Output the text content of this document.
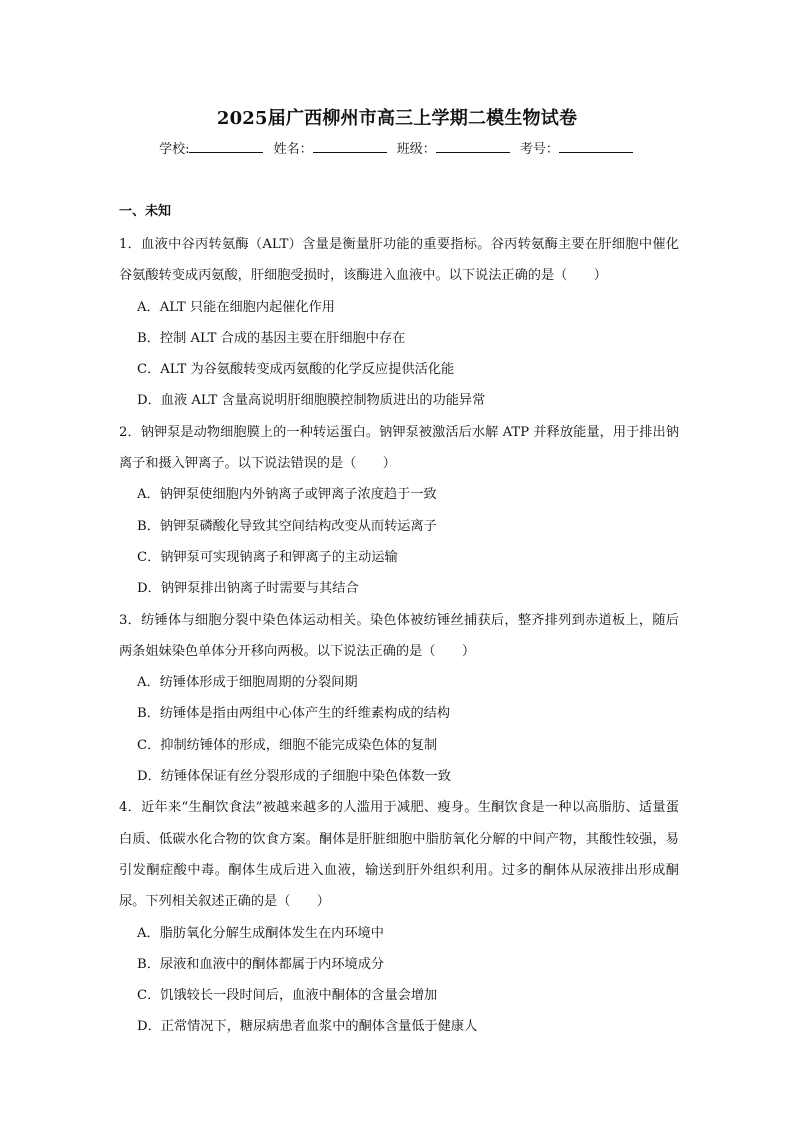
2025届广西柳州市高三上学期二模生物试卷
学校:	姓名：	班级：	考号：
一、未知
1．血液中谷丙转氨酶（ALT）含量是衡量肝功能的重要指标。谷丙转氨酶主要在肝细胞中催化谷氨酸转变成丙氨酸，肝细胞受损时，该酶进入血液中。以下说法正确的是（　　）
A．ALT 只能在细胞内起催化作用
B．控制 ALT 合成的基因主要在肝细胞中存在
C．ALT 为谷氨酸转变成丙氨酸的化学反应提供活化能
D．血液 ALT 含量高说明肝细胞膜控制物质进出的功能异常
2．钠钾泵是动物细胞膜上的一种转运蛋白。钠钾泵被激活后水解 ATP 并释放能量，用于排出钠离子和摄入钾离子。以下说法错误的是（　　）
A．钠钾泵使细胞内外钠离子或钾离子浓度趋于一致
B．钠钾泵磷酸化导致其空间结构改变从而转运离子
C．钠钾泵可实现钠离子和钾离子的主动运输
D．钠钾泵排出钠离子时需要与其结合
3．纺锤体与细胞分裂中染色体运动相关。染色体被纺锤丝捕获后，整齐排列到赤道板上，随后两条姐妹染色单体分开移向两极。以下说法正确的是（　　）
A．纺锤体形成于细胞周期的分裂间期
B．纺锤体是指由两组中心体产生的纤维素构成的结构
C．抑制纺锤体的形成，细胞不能完成染色体的复制
D．纺锤体保证有丝分裂形成的子细胞中染色体数一致
4．近年来“生酮饮食法”被越来越多的人滥用于减肥、瘦身。生酮饮食是一种以高脂肪、适量蛋白质、低碳水化合物的饮食方案。酮体是肝脏细胞中脂肪氧化分解的中间产物，其酸性较强，易引发酮症酸中毒。酮体生成后进入血液，输送到肝外组织利用。过多的酮体从尿液排出形成酮尿。下列相关叙述正确的是（　　）
A．脂肪氧化分解生成酮体发生在内环境中
B．尿液和血液中的酮体都属于内环境成分
C．饥饿较长一段时间后，血液中酮体的含量会增加
D．正常情况下，糖尿病患者血浆中的酮体含量低于健康人
